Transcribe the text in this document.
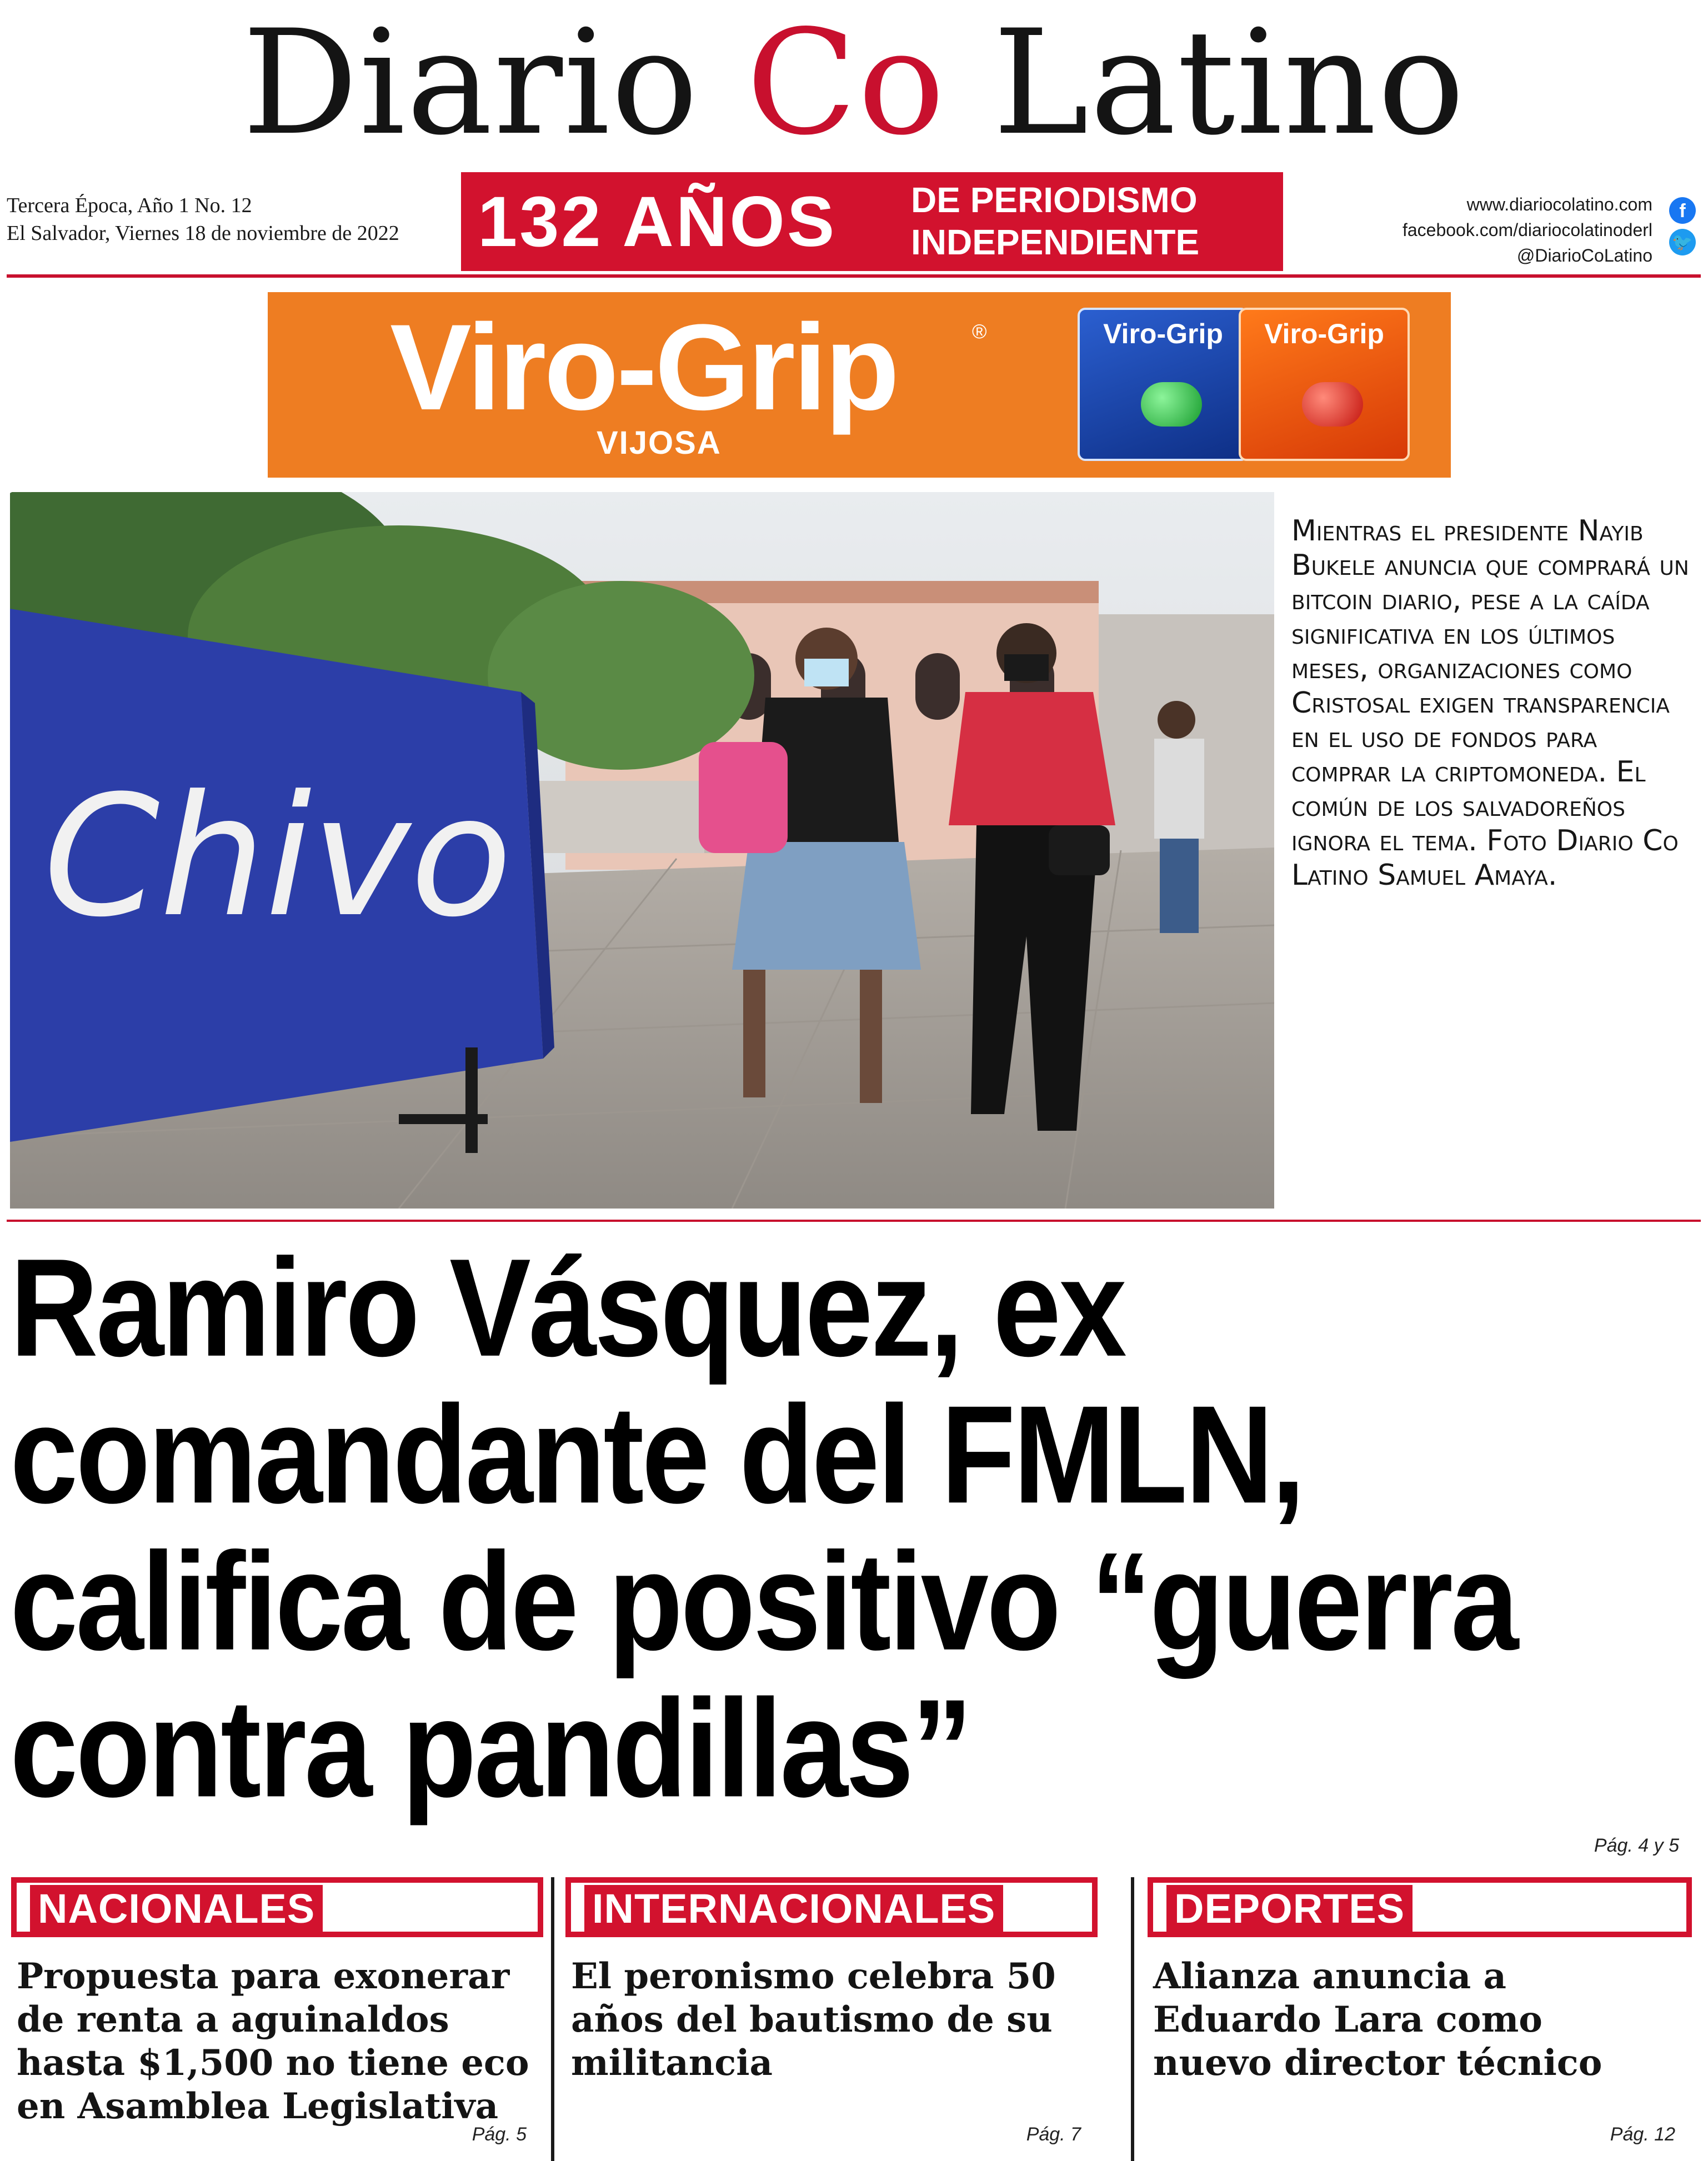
Diario Co Latino
Tercera Época, Año 1 No. 12
El Salvador, Viernes 18 de noviembre de 2022 132 AÑOS DE PERIODISMO
INDEPENDIENTE
www.diariocolatino.com
facebook.com/diariocolatinoderl
@DiarioCoLatino
f
🐦
Viro-Grip	®
VIJOSA
Viro-Grip	Viro-Grip
Chivo
Mientras el presidente Nayib Bukele anuncia que comprará un bitcoin diario, pese a la caída significativa en los últimos meses, organizaciones como Cristosal exigen transparencia en el uso de fondos para comprar la criptomoneda. El común de los salvadoreños ignora el tema. Foto Diario Co Latino Samuel Amaya.
Ramiro Vásquez, ex comandante del FMLN, califica de positivo “guerra contra pandillas”
Pág. 4 y 5
NACIONALES
Propuesta para exonerar de renta a aguinaldos hasta $1,500 no tiene eco en Asamblea Legislativa
Pág. 5
INTERNACIONALES
El peronismo celebra 50 años del bautismo de su militancia
Pág. 7
DEPORTES
Alianza anuncia a Eduardo Lara como nuevo director técnico
Pág. 12
